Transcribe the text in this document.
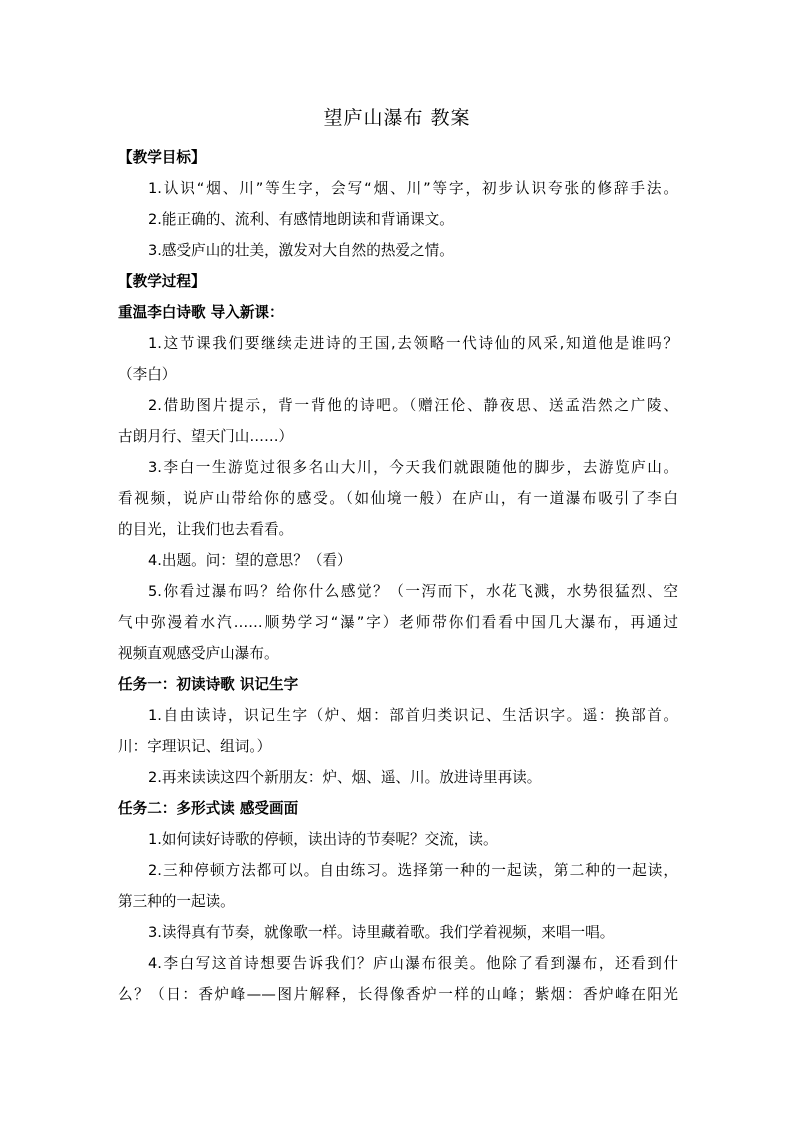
望庐山瀑布 教案
【教学目标】
1.认识“烟、川”等生字，会写“烟、川”等字，初步认识夸张的修辞手法。
2.能正确的、流利、有感情地朗读和背诵课文。
3.感受庐山的壮美，激发对大自然的热爱之情。
【教学过程】
重温李白诗歌 导入新课：
1.这节课我们要继续走进诗的王国,去领略一代诗仙的风采,知道他是谁吗？
（李白）
2.借助图片提示，背一背他的诗吧。（赠汪伦、静夜思、送孟浩然之广陵、
古朗月行、望天门山……）
3.李白一生游览过很多名山大川，今天我们就跟随他的脚步，去游览庐山。
看视频，说庐山带给你的感受。（如仙境一般）在庐山，有一道瀑布吸引了李白
的目光，让我们也去看看。
4.出题。问：望的意思？（看）
5.你看过瀑布吗？给你什么感觉？（一泻而下，水花飞溅，水势很猛烈、空
气中弥漫着水汽……顺势学习“瀑”字）老师带你们看看中国几大瀑布，再通过
视频直观感受庐山瀑布。
任务一：初读诗歌 识记生字
1.自由读诗，识记生字（炉、烟：部首归类识记、生活识字。遥：换部首。
川：字理识记、组词。）
2.再来读读这四个新朋友：炉、烟、遥、川。放进诗里再读。
任务二：多形式读 感受画面
1.如何读好诗歌的停顿，读出诗的节奏呢？交流，读。
2.三种停顿方法都可以。自由练习。选择第一种的一起读，第二种的一起读，
第三种的一起读。
3.读得真有节奏，就像歌一样。诗里藏着歌。我们学着视频，来唱一唱。
4.李白写这首诗想要告诉我们？庐山瀑布很美。他除了看到瀑布，还看到什
么？（日：香炉峰——图片解释，长得像香炉一样的山峰；紫烟：香炉峰在阳光
